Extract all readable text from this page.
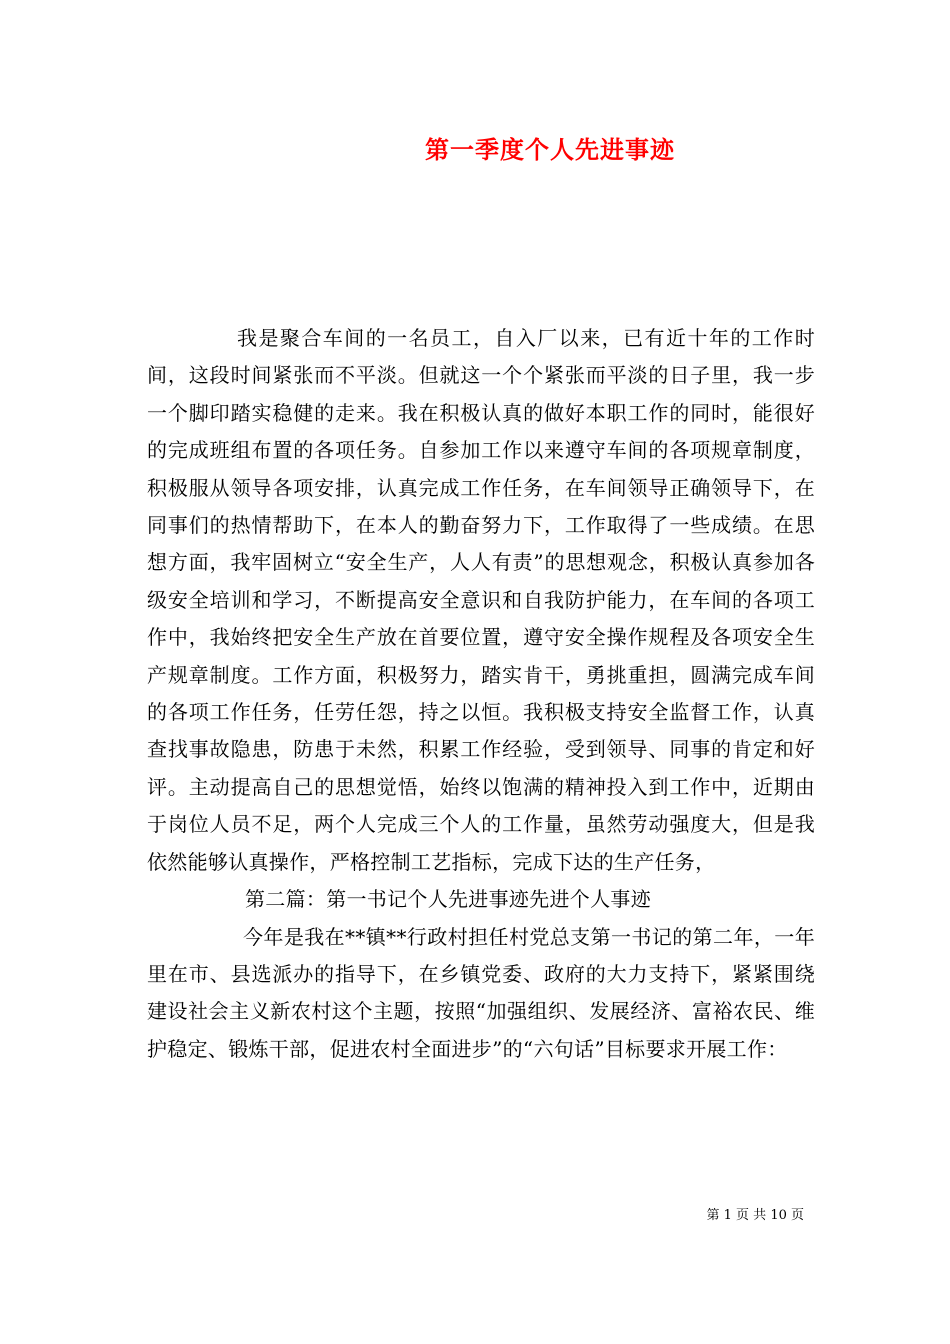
第一季度个人先进事迹

我是聚合车间的一名员工，自入厂以来，已有近十年的工作时间，这段时间紧张而不平淡。但就这一个个紧张而平淡的日子里，我一步一个脚印踏实稳健的走来。我在积极认真的做好本职工作的同时，能很好的完成班组布置的各项任务。自参加工作以来遵守车间的各项规章制度，积极服从领导各项安排，认真完成工作任务，在车间领导正确领导下，在同事们的热情帮助下，在本人的勤奋努力下，工作取得了一些成绩。在思想方面，我牢固树立“安全生产，人人有责”的思想观念，积极认真参加各级安全培训和学习，不断提高安全意识和自我防护能力，在车间的各项工作中，我始终把安全生产放在首要位置，遵守安全操作规程及各项安全生产规章制度。工作方面，积极努力，踏实肯干，勇挑重担，圆满完成车间的各项工作任务，任劳任怨，持之以恒。我积极支持安全监督工作，认真查找事故隐患，防患于未然，积累工作经验，受到领导、同事的肯定和好评。主动提高自己的思想觉悟，始终以饱满的精神投入到工作中，近期由于岗位人员不足，两个人完成三个人的工作量，虽然劳动强度大，但是我依然能够认真操作，严格控制工艺指标，完成下达的生产任务，

第二篇：第一书记个人先进事迹先进个人事迹

今年是我在**镇**行政村担任村党总支第一书记的第二年，一年里在市、县选派办的指导下，在乡镇党委、政府的大力支持下，紧紧围绕建设社会主义新农村这个主题，按照“加强组织、发展经济、富裕农民、维护稳定、锻炼干部，促进农村全面进步”的“六句话”目标要求开展工作：

第 1 页 共 10 页
